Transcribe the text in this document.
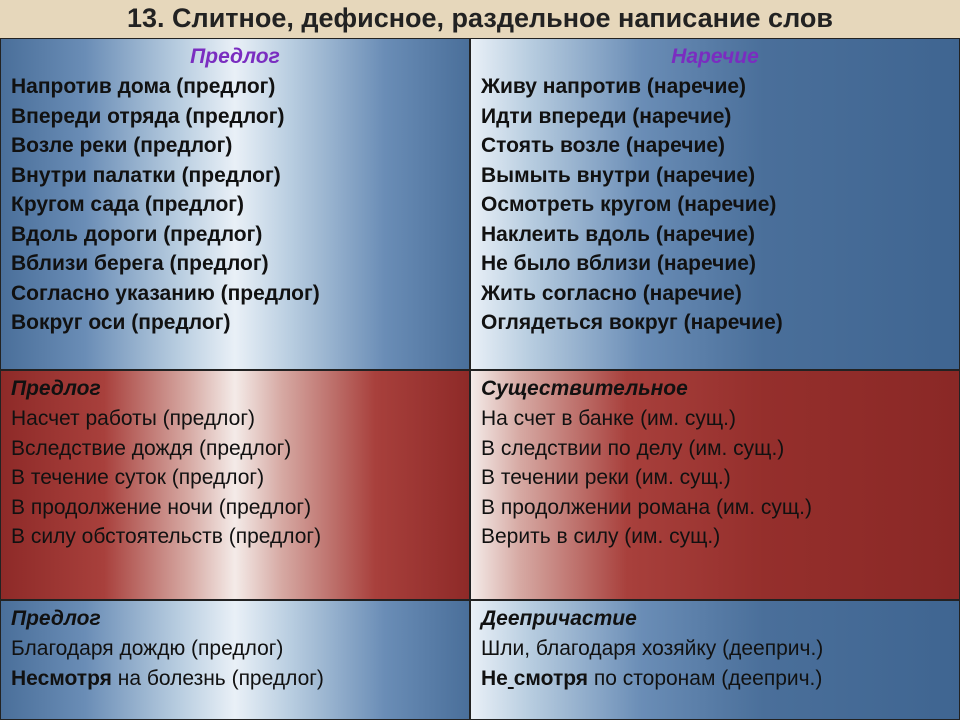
13. Слитное, дефисное, раздельное написание слов
Предлог
Напротив дома (предлог)
Впереди отряда (предлог)
Возле реки (предлог)
Внутри палатки (предлог)
Кругом сада (предлог)
Вдоль дороги (предлог)
Вблизи берега (предлог)
Согласно указанию (предлог)
Вокруг оси (предлог)
Наречие
Живу напротив (наречие)
Идти впереди (наречие)
Стоять возле (наречие)
Вымыть внутри (наречие)
Осмотреть кругом (наречие)
Наклеить вдоль (наречие)
Не было вблизи (наречие)
Жить согласно (наречие)
Оглядеться вокруг (наречие)
Предлог
Насчет работы (предлог)
Вследствие дождя (предлог)
В течение суток (предлог)
В продолжение ночи (предлог)
В силу обстоятельств (предлог)
Существительное
На счет в банке (им. сущ.)
В следствии по делу (им. сущ.)
В течении реки (им. сущ.)
В продолжении романа (им. сущ.)
Верить в силу (им. сущ.)
Предлог
Благодаря дождю (предлог)
Несмотря на болезнь (предлог)
Деепричастие
Шли, благодаря хозяйку (дееприч.)
Не смотря по сторонам (дееприч.)
